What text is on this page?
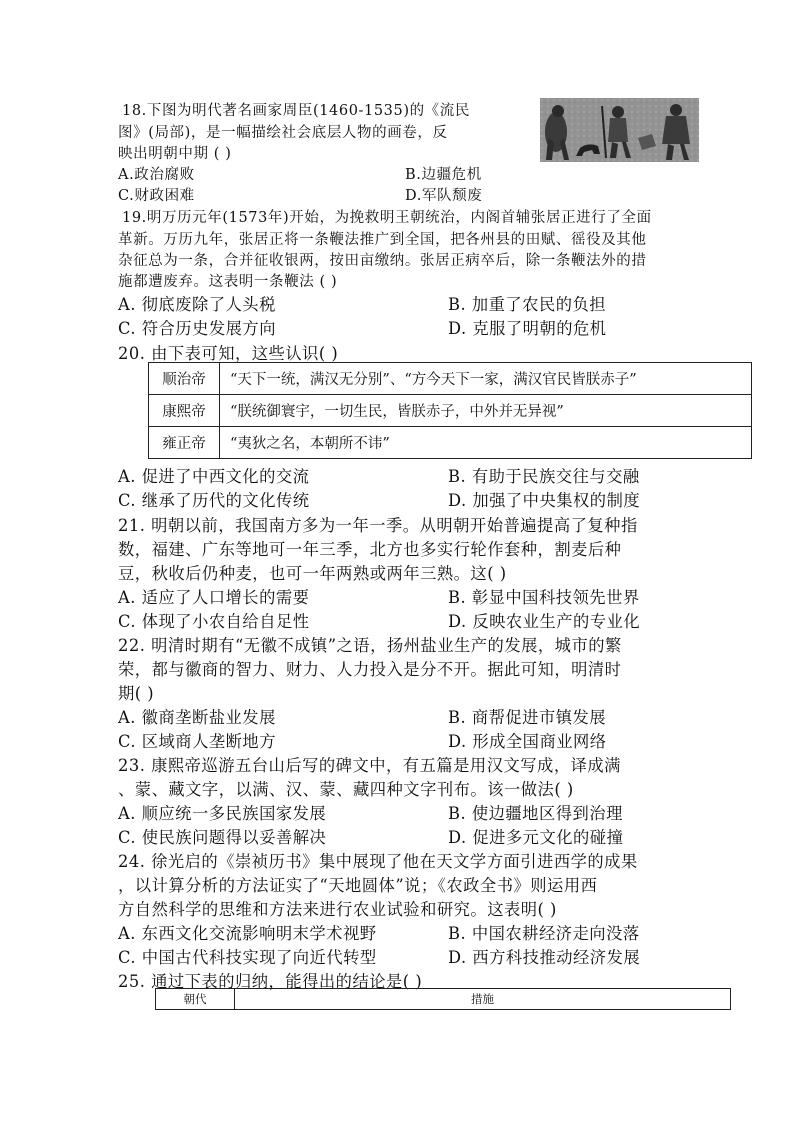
18.下图为明代著名画家周臣(1460-1535)的《流民
图》(局部)，是一幅描绘社会底层人物的画卷，反
映出明朝中期 ( )
A.政治腐败	B.边疆危机
C.财政困难	D.军队颓废
19.明万历元年(1573年)开始，为挽救明王朝统治，内阁首辅张居正进行了全面
革新。万历九年，张居正将一条鞭法推广到全国，把各州县的田赋、徭役及其他
杂征总为一条，合并征收银两，按田亩缴纳。张居正病卒后，除一条鞭法外的措
施都遭废弃。这表明一条鞭法 ( )
A. 彻底废除了人头税	B. 加重了农民的负担
C. 符合历史发展方向	D. 克服了明朝的危机
20. 由下表可知，这些认识( )
顺治帝	“天下一统，满汉无分别”、“方今天下一家，满汉官民皆朕赤子”
康熙帝	“朕统御寰宇，一切生民，皆朕赤子，中外并无异视”
雍正帝	“夷狄之名，本朝所不讳”
A. 促进了中西文化的交流	B. 有助于民族交往与交融
C. 继承了历代的文化传统	D. 加强了中央集权的制度
21. 明朝以前，我国南方多为一年一季。从明朝开始普遍提高了复种指
数，福建、广东等地可一年三季，北方也多实行轮作套种，割麦后种
豆，秋收后仍种麦，也可一年两熟或两年三熟。这( )
A. 适应了人口增长的需要	B. 彰显中国科技领先世界
C. 体现了小农自给自足性	D. 反映农业生产的专业化
22. 明清时期有“无徽不成镇”之语，扬州盐业生产的发展，城市的繁
荣，都与徽商的智力、财力、人力投入是分不开。据此可知，明清时
期( )
A. 徽商垄断盐业发展	B. 商帮促进市镇发展
C. 区域商人垄断地方	D. 形成全国商业网络
23. 康熙帝巡游五台山后写的碑文中，有五篇是用汉文写成，译成满
、蒙、藏文字，以满、汉、蒙、藏四种文字刊布。该一做法( )
A. 顺应统一多民族国家发展	B. 使边疆地区得到治理
C. 使民族问题得以妥善解决	D. 促进多元文化的碰撞
24. 徐光启的《崇祯历书》集中展现了他在天文学方面引进西学的成果
，以计算分析的方法证实了“天地圆体”说；《农政全书》则运用西
方自然科学的思维和方法来进行农业试验和研究。这表明( )
A. 东西文化交流影响明末学术视野	B. 中国农耕经济走向没落
C. 中国古代科技实现了向近代转型	D. 西方科技推动经济发展
25. 通过下表的归纳，能得出的结论是( )
朝代	措施
